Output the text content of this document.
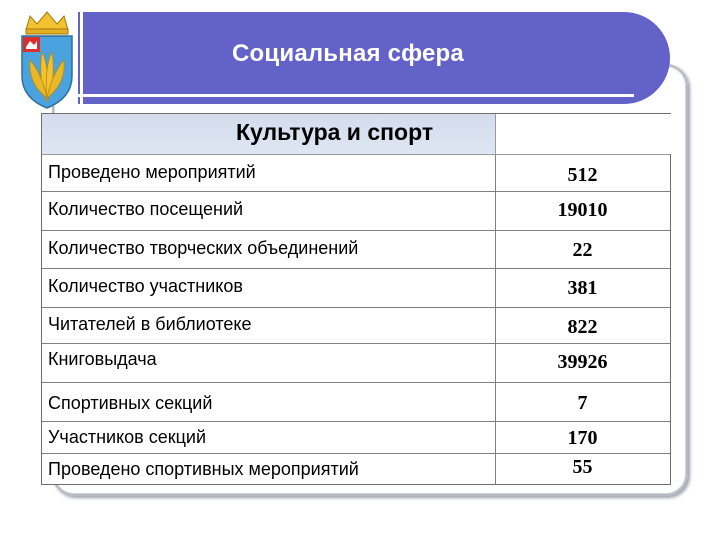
Социальная сфера
Культура и спорт
Проведено мероприятий	512
Количество посещений	19010
Количество творческих объединений	22
Количество участников	381
Читателей в библиотеке	822
Книговыдача	39926
Спортивных секций	7
Участников секций	170
Проведено спортивных мероприятий	55
